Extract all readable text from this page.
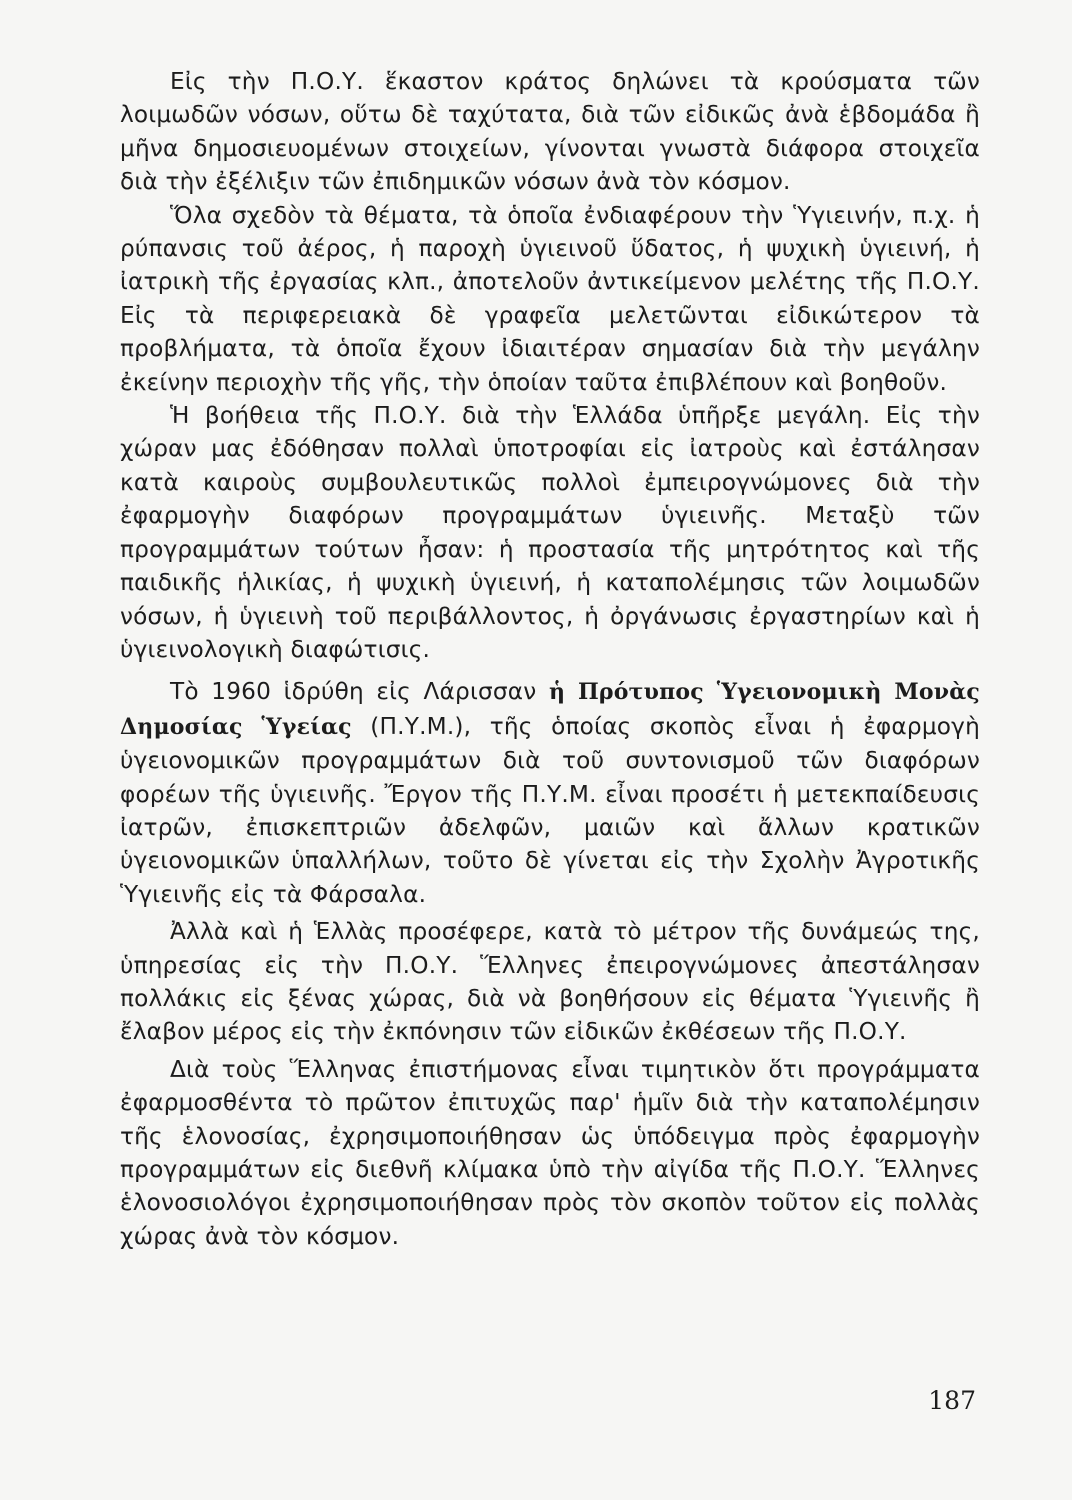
Εἰς τὴν Π.Ο.Υ. ἕκαστον κράτος δηλώνει τὰ κρούσματα τῶν λοιμωδῶν νόσων, οὕτω δὲ ταχύτατα, διὰ τῶν εἰδικῶς ἀνὰ ἑβδομάδα ἢ μῆνα δημοσιευομένων στοιχείων, γίνονται γνωστὰ διάφορα στοιχεῖα διὰ τὴν ἐξέλιξιν τῶν ἐπιδημικῶν νόσων ἀνὰ τὸν κόσμον.

Ὅλα σχεδὸν τὰ θέματα, τὰ ὁποῖα ἐνδιαφέρουν τὴν Ὑγιεινήν, π.χ. ἡ ρύπανσις τοῦ ἀέρος, ἡ παροχὴ ὑγιεινοῦ ὕδατος, ἡ ψυχικὴ ὑγιεινή, ἡ ἰατρικὴ τῆς ἐργασίας κλπ., ἀποτελοῦν ἀντικείμενον μελέτης τῆς Π.Ο.Υ. Εἰς τὰ περιφερειακὰ δὲ γραφεῖα μελετῶνται εἰδικώτερον τὰ προβλήματα, τὰ ὁποῖα ἔχουν ἰδιαιτέραν σημασίαν διὰ τὴν μεγάλην ἐκείνην περιοχὴν τῆς γῆς, τὴν ὁποίαν ταῦτα ἐπιβλέπουν καὶ βοηθοῦν.

Ἡ βοήθεια τῆς Π.Ο.Υ. διὰ τὴν Ἑλλάδα ὑπῆρξε μεγάλη. Εἰς τὴν χώραν μας ἐδόθησαν πολλαὶ ὑποτροφίαι εἰς ἰατροὺς καὶ ἐστάλησαν κατὰ καιροὺς συμβουλευτικῶς πολλοὶ ἐμπειρογνώμονες διὰ τὴν ἐφαρμογὴν διαφόρων προγραμμάτων ὑγιεινῆς. Μεταξὺ τῶν προγραμμάτων τούτων ἦσαν: ἡ προστασία τῆς μητρότητος καὶ τῆς παιδικῆς ἡλικίας, ἡ ψυχικὴ ὑγιεινή, ἡ καταπολέμησις τῶν λοιμωδῶν νόσων, ἡ ὑγιεινὴ τοῦ περιβάλλοντος, ἡ ὀργάνωσις ἐργαστηρίων καὶ ἡ ὑγιεινολογικὴ διαφώτισις.

Τὸ 1960 ἱδρύθη εἰς Λάρισσαν ἡ Πρότυπος Ὑγειονομικὴ Μονὰς Δημοσίας Ὑγείας (Π.Υ.Μ.), τῆς ὁποίας σκοπὸς εἶναι ἡ ἐφαρμογὴ ὑγειονομικῶν προγραμμάτων διὰ τοῦ συντονισμοῦ τῶν διαφόρων φορέων τῆς ὑγιεινῆς. Ἔργον τῆς Π.Υ.Μ. εἶναι προσέτι ἡ μετεκπαίδευσις ἰατρῶν, ἐπισκεπτριῶν ἀδελφῶν, μαιῶν καὶ ἄλλων κρατικῶν ὑγειονομικῶν ὑπαλλήλων, τοῦτο δὲ γίνεται εἰς τὴν Σχολὴν Ἀγροτικῆς Ὑγιεινῆς εἰς τὰ Φάρσαλα.

Ἀλλὰ καὶ ἡ Ἑλλὰς προσέφερε, κατὰ τὸ μέτρον τῆς δυνάμεώς της, ὑπηρεσίας εἰς τὴν Π.Ο.Υ. Ἕλληνες ἐπειρογνώμονες ἀπεστάλησαν πολλάκις εἰς ξένας χώρας, διὰ νὰ βοηθήσουν εἰς θέματα Ὑγιεινῆς ἢ ἔλαβον μέρος εἰς τὴν ἐκπόνησιν τῶν εἰδικῶν ἐκθέσεων τῆς Π.Ο.Υ.

Διὰ τοὺς Ἕλληνας ἐπιστήμονας εἶναι τιμητικὸν ὅτι προγράμματα ἐφαρμοσθέντα τὸ πρῶτον ἐπιτυχῶς παρ' ἡμῖν διὰ τὴν καταπολέμησιν τῆς ἑλονοσίας, ἐχρησιμοποιήθησαν ὡς ὑπόδειγμα πρὸς ἐφαρμογὴν προγραμμάτων εἰς διεθνῆ κλίμακα ὑπὸ τὴν αἰγίδα τῆς Π.Ο.Υ. Ἕλληνες ἑλονοσιολόγοι ἐχρησιμοποιήθησαν πρὸς τὸν σκοπὸν τοῦτον εἰς πολλὰς χώρας ἀνὰ τὸν κόσμον.

187
